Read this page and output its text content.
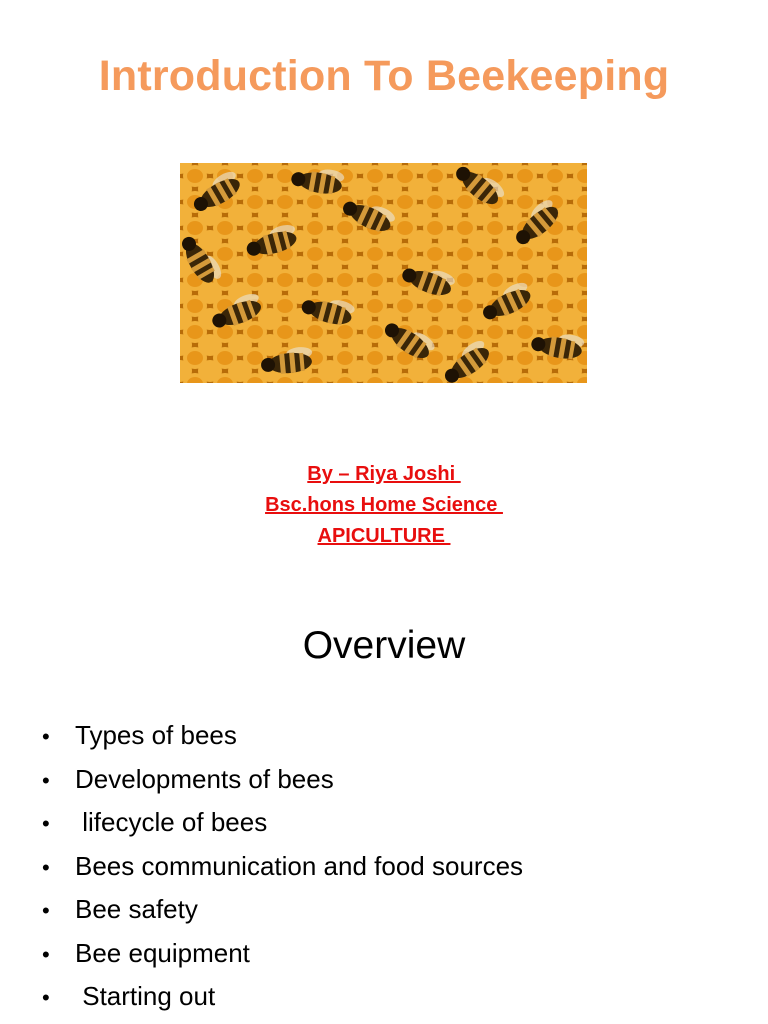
Introduction To Beekeeping
By – Riya Joshi
Bsc.hons Home Science
APICULTURE
Overview
• Types of bees
• Developments of bees
• lifecycle of bees
• Bees communication and food sources
• Bee safety
• Bee equipment
• Starting out
